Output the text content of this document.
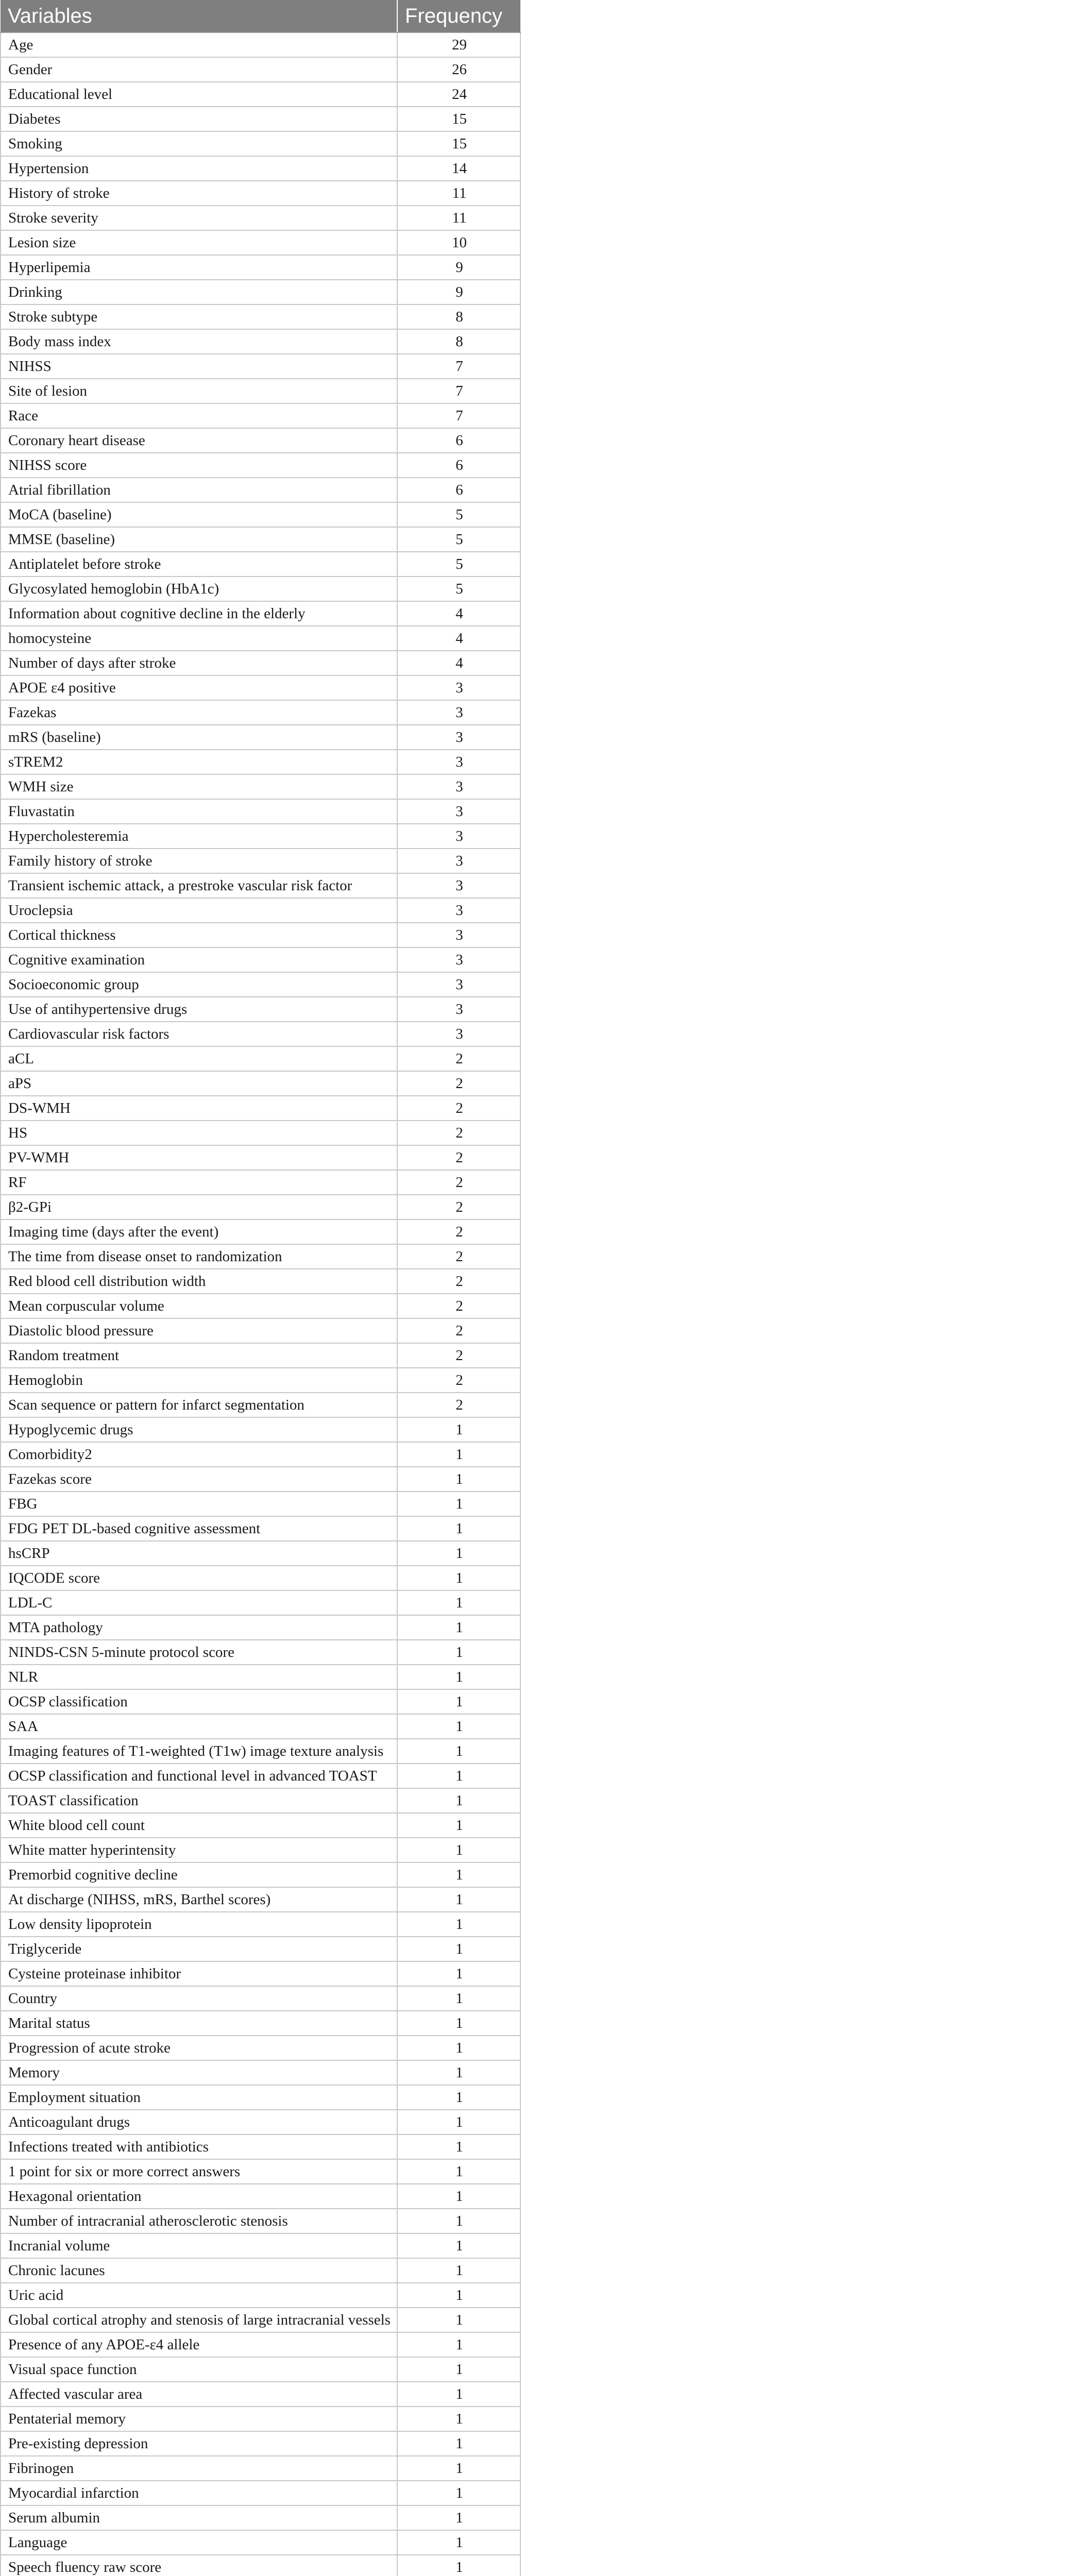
Variables	Frequency
Age	29
Gender	26
Educational level	24
Diabetes	15
Smoking	15
Hypertension	14
History of stroke	11
Stroke severity	11
Lesion size	10
Hyperlipemia	9
Drinking	9
Stroke subtype	8
Body mass index	8
NIHSS	7
Site of lesion	7
Race	7
Coronary heart disease	6
NIHSS score	6
Atrial fibrillation	6
MoCA (baseline)	5
MMSE (baseline)	5
Antiplatelet before stroke	5
Glycosylated hemoglobin (HbA1c)	5
Information about cognitive decline in the elderly	4
homocysteine	4
Number of days after stroke	4
APOE ε4 positive	3
Fazekas	3
mRS (baseline)	3
sTREM2	3
WMH size	3
Fluvastatin	3
Hypercholesteremia	3
Family history of stroke	3
Transient ischemic attack, a prestroke vascular risk factor	3
Uroclepsia	3
Cortical thickness	3
Cognitive examination	3
Socioeconomic group	3
Use of antihypertensive drugs	3
Cardiovascular risk factors	3
aCL	2
aPS	2
DS-WMH	2
HS	2
PV-WMH	2
RF	2
β2-GPi	2
Imaging time (days after the event)	2
The time from disease onset to randomization	2
Red blood cell distribution width	2
Mean corpuscular volume	2
Diastolic blood pressure	2
Random treatment	2
Hemoglobin	2
Scan sequence or pattern for infarct segmentation	2
Hypoglycemic drugs	1
Comorbidity2	1
Fazekas score	1
FBG	1
FDG PET DL-based cognitive assessment	1
hsCRP	1
IQCODE score	1
LDL-C	1
MTA pathology	1
NINDS-CSN 5-minute protocol score	1
NLR	1
OCSP classification	1
SAA	1
Imaging features of T1-weighted (T1w) image texture analysis	1
OCSP classification and functional level in advanced TOAST	1
TOAST classification	1
White blood cell count	1
White matter hyperintensity	1
Premorbid cognitive decline	1
At discharge (NIHSS, mRS, Barthel scores)	1
Low density lipoprotein	1
Triglyceride	1
Cysteine proteinase inhibitor	1
Country	1
Marital status	1
Progression of acute stroke	1
Memory	1
Employment situation	1
Anticoagulant drugs	1
Infections treated with antibiotics	1
1 point for six or more correct answers	1
Hexagonal orientation	1
Number of intracranial atherosclerotic stenosis	1
Incranial volume	1
Chronic lacunes	1
Uric acid	1
Global cortical atrophy and stenosis of large intracranial vessels	1
Presence of any APOE-ε4 allele	1
Visual space function	1
Affected vascular area	1
Pentaterial memory	1
Pre-existing depression	1
Fibrinogen	1
Myocardial infarction	1
Serum albumin	1
Language	1
Speech fluency raw score	1
